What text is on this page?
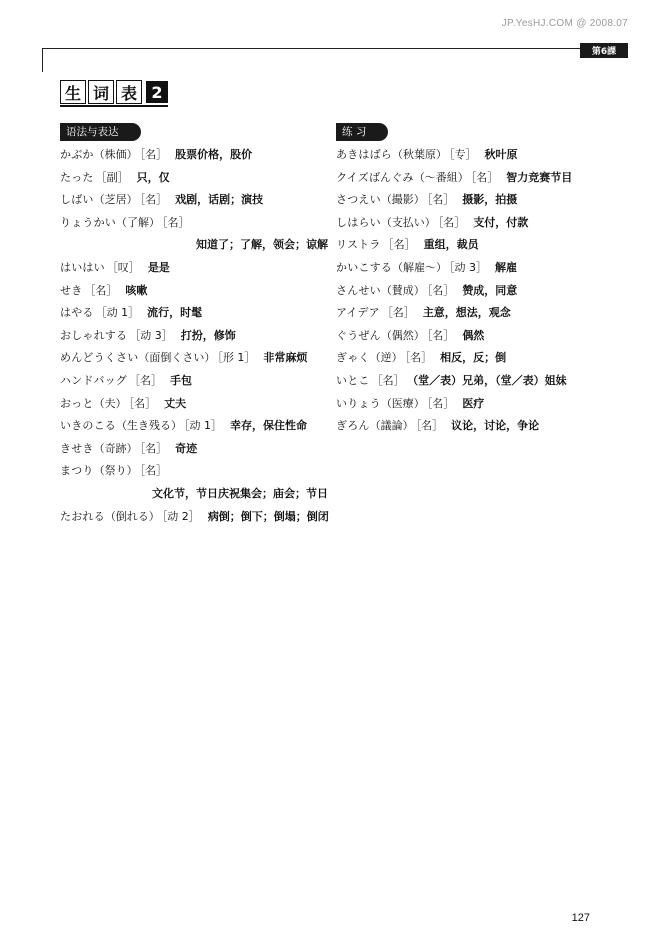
JP.YesHJ.COM @ 2008.07
第6課
生 词 表 2
语法与表达
かぶか（株価） ［名］ 股票价格，股价
たった ［副］ 只，仅
しばい（芝居） ［名］ 戏剧，话剧；演技
りょうかい（了解） ［名］
知道了；了解，领会；谅解
はいはい ［叹］ 是是
せき ［名］ 咳嗽
はやる ［动 1］ 流行，时髦
おしゃれする ［动 3］ 打扮，修饰
めんどうくさい（面倒くさい） ［形 1］ 非常麻烦
ハンドバッグ ［名］ 手包
おっと（夫） ［名］ 丈夫
いきのこる（生き残る） ［动 1］ 幸存，保住性命
きせき（奇跡） ［名］ 奇迹
まつり（祭り） ［名］
文化节，节日庆祝集会；庙会；节日
たおれる（倒れる） ［动 2］ 病倒；倒下；倒塌；倒闭
练 习
あきはばら（秋葉原） ［专］ 秋叶原
クイズばんぐみ（～番組） ［名］ 智力竞赛节目
さつえい（撮影） ［名］ 摄影，拍摄
しはらい（支払い） ［名］ 支付，付款
リストラ ［名］ 重组，裁员
かいこする（解雇～） ［动 3］ 解雇
さんせい（賛成） ［名］ 赞成，同意
アイデア ［名］ 主意，想法，观念
ぐうぜん（偶然） ［名］ 偶然
ぎゃく（逆） ［名］ 相反，反；倒
いとこ ［名］ （堂／表）兄弟，（堂／表）姐妹
いりょう（医療） ［名］ 医疗
ぎろん（議論） ［名］ 议论，讨论，争论
127
